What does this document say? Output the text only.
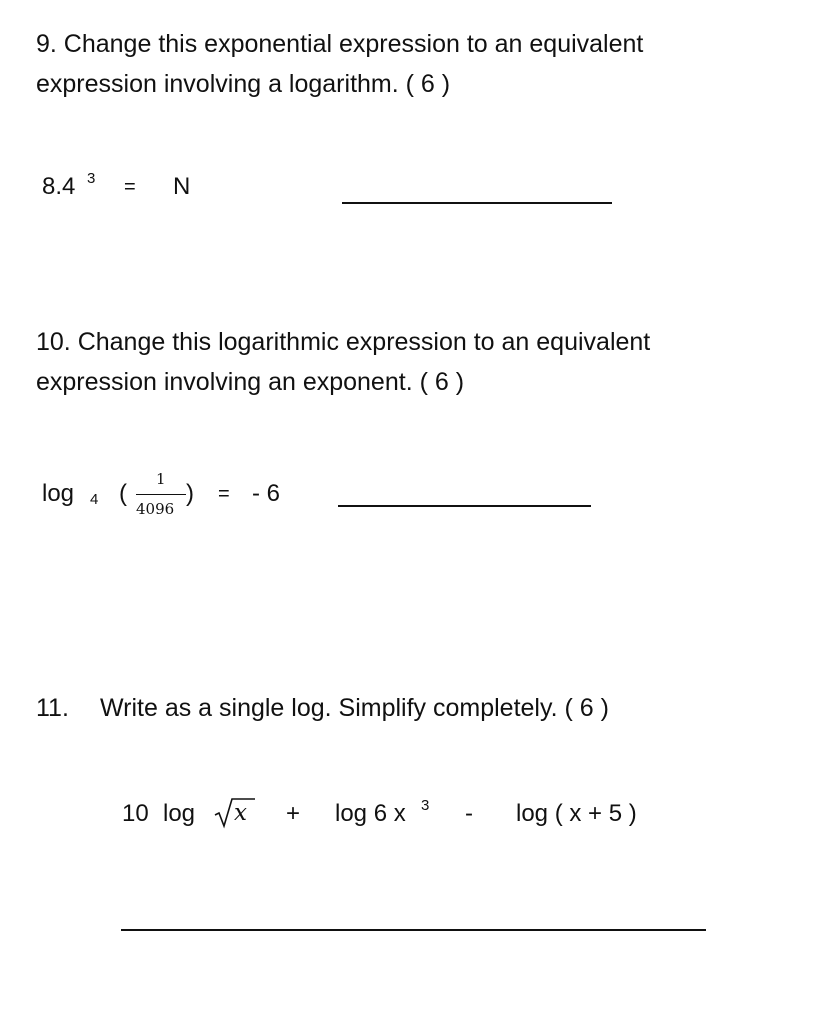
9. Change this exponential expression to an equivalent
expression involving a logarithm. ( 6 )
8.4 3 = N
10. Change this logarithmic expression to an equivalent
expression involving an exponent. ( 6 )
log 4 (
1
4096
) = - 6
11. Write as a single log. Simplify completely. ( 6 )
10 log x + log 6 x 3 - log ( x + 5 )
